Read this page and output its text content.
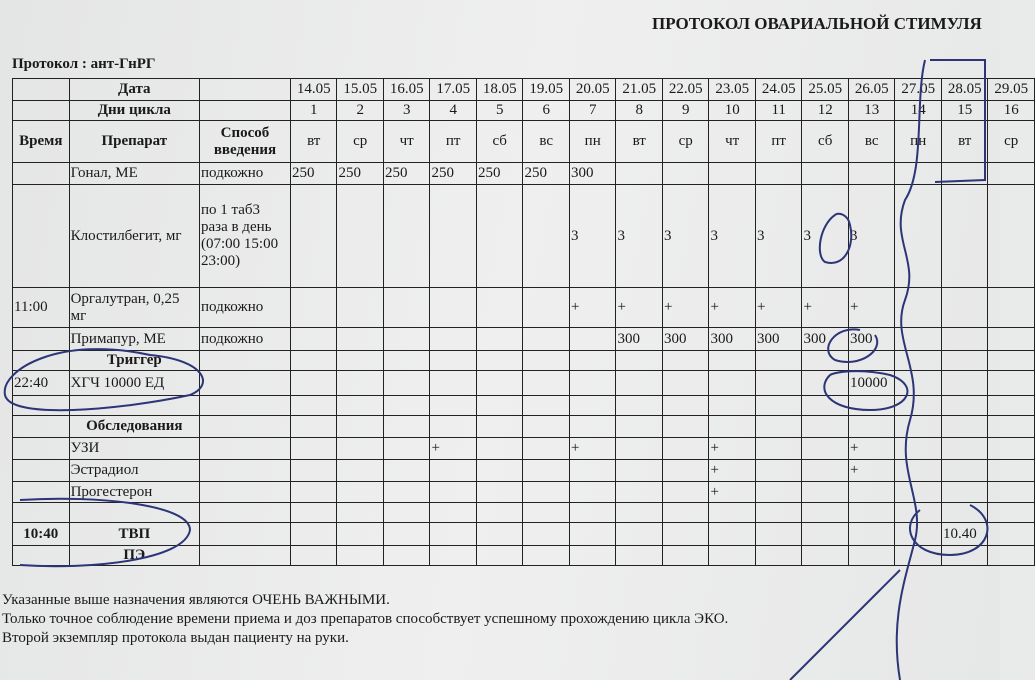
ПРОТОКОЛ ОВАРИАЛЬНОЙ СТИМУЛЯ
Протокол : ант-ГнРГ
	Дата		14.05	15.05	16.05	17.05	18.05	19.05	20.05	21.05	22.05	23.05	24.05	25.05	26.05	27.05	28.05	29.05
	Дни цикла		1	2	3	4	5	6	7	8	9	10	11	12	13	14	15	16
Время	Препарат	Способ введения	вт	ср	чт	пт	сб	вс	пн	вт	ср	чт	пт	сб	вс	пн	вт	ср
	Гонал, МЕ	подкожно	250	250	250	250	250	250	300									
	Клостилбегит, мг	по 1 таб3 раза в день (07:00 15:00 23:00)							3	3	3	3	3	3	3			
11:00	Оргалутран, 0,25 мг	подкожно							+	+	+	+	+	+	+			
	Примапур, МЕ	подкожно								300	300	300	300	300	300			
	Триггер																	
22:40	ХГЧ 10000 ЕД														10000			

	Обследования																	
	УЗИ					+			+			+			+			
	Эстрадиол											+			+			
	Прогестерон											+						

10:40	ТВП																10.40	
	ПЭ																	
Указанные выше назначения являются ОЧЕНЬ ВАЖНЫМИ.
Только точное соблюдение времени приема и доз препаратов способствует успешному прохождению цикла ЭКО.
Второй экземпляр протокола выдан пациенту на руки.
